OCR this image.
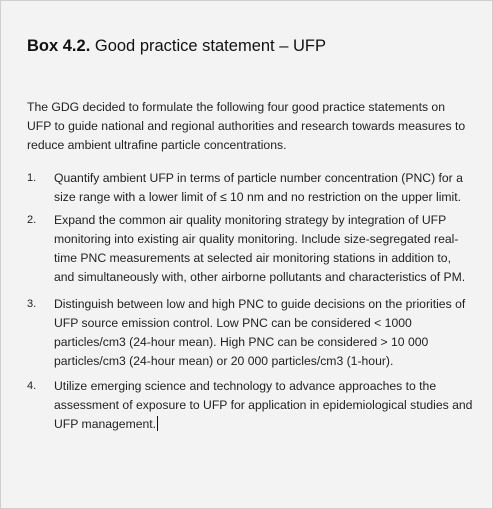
Box 4.2. Good practice statement – UFP
The GDG decided to formulate the following four good practice statements on UFP to guide national and regional authorities and research towards measures to reduce ambient ultrafine particle concentrations.
1.	Quantify ambient UFP in terms of particle number concentration (PNC) for a size range with a lower limit of ≤ 10 nm and no restriction on the upper limit.
2.	Expand the common air quality monitoring strategy by integration of UFP monitoring into existing air quality monitoring. Include size-segregated real-time PNC measurements at selected air monitoring stations in addition to, and simultaneously with, other airborne pollutants and characteristics of PM.
3.	Distinguish between low and high PNC to guide decisions on the priorities of UFP source emission control. Low PNC can be considered < 1000 particles/cm3 (24-hour mean). High PNC can be considered > 10 000 particles/cm3 (24-hour mean) or 20 000 particles/cm3 (1-hour).
4.	Utilize emerging science and technology to advance approaches to the assessment of exposure to UFP for application in epidemiological studies and UFP management.
